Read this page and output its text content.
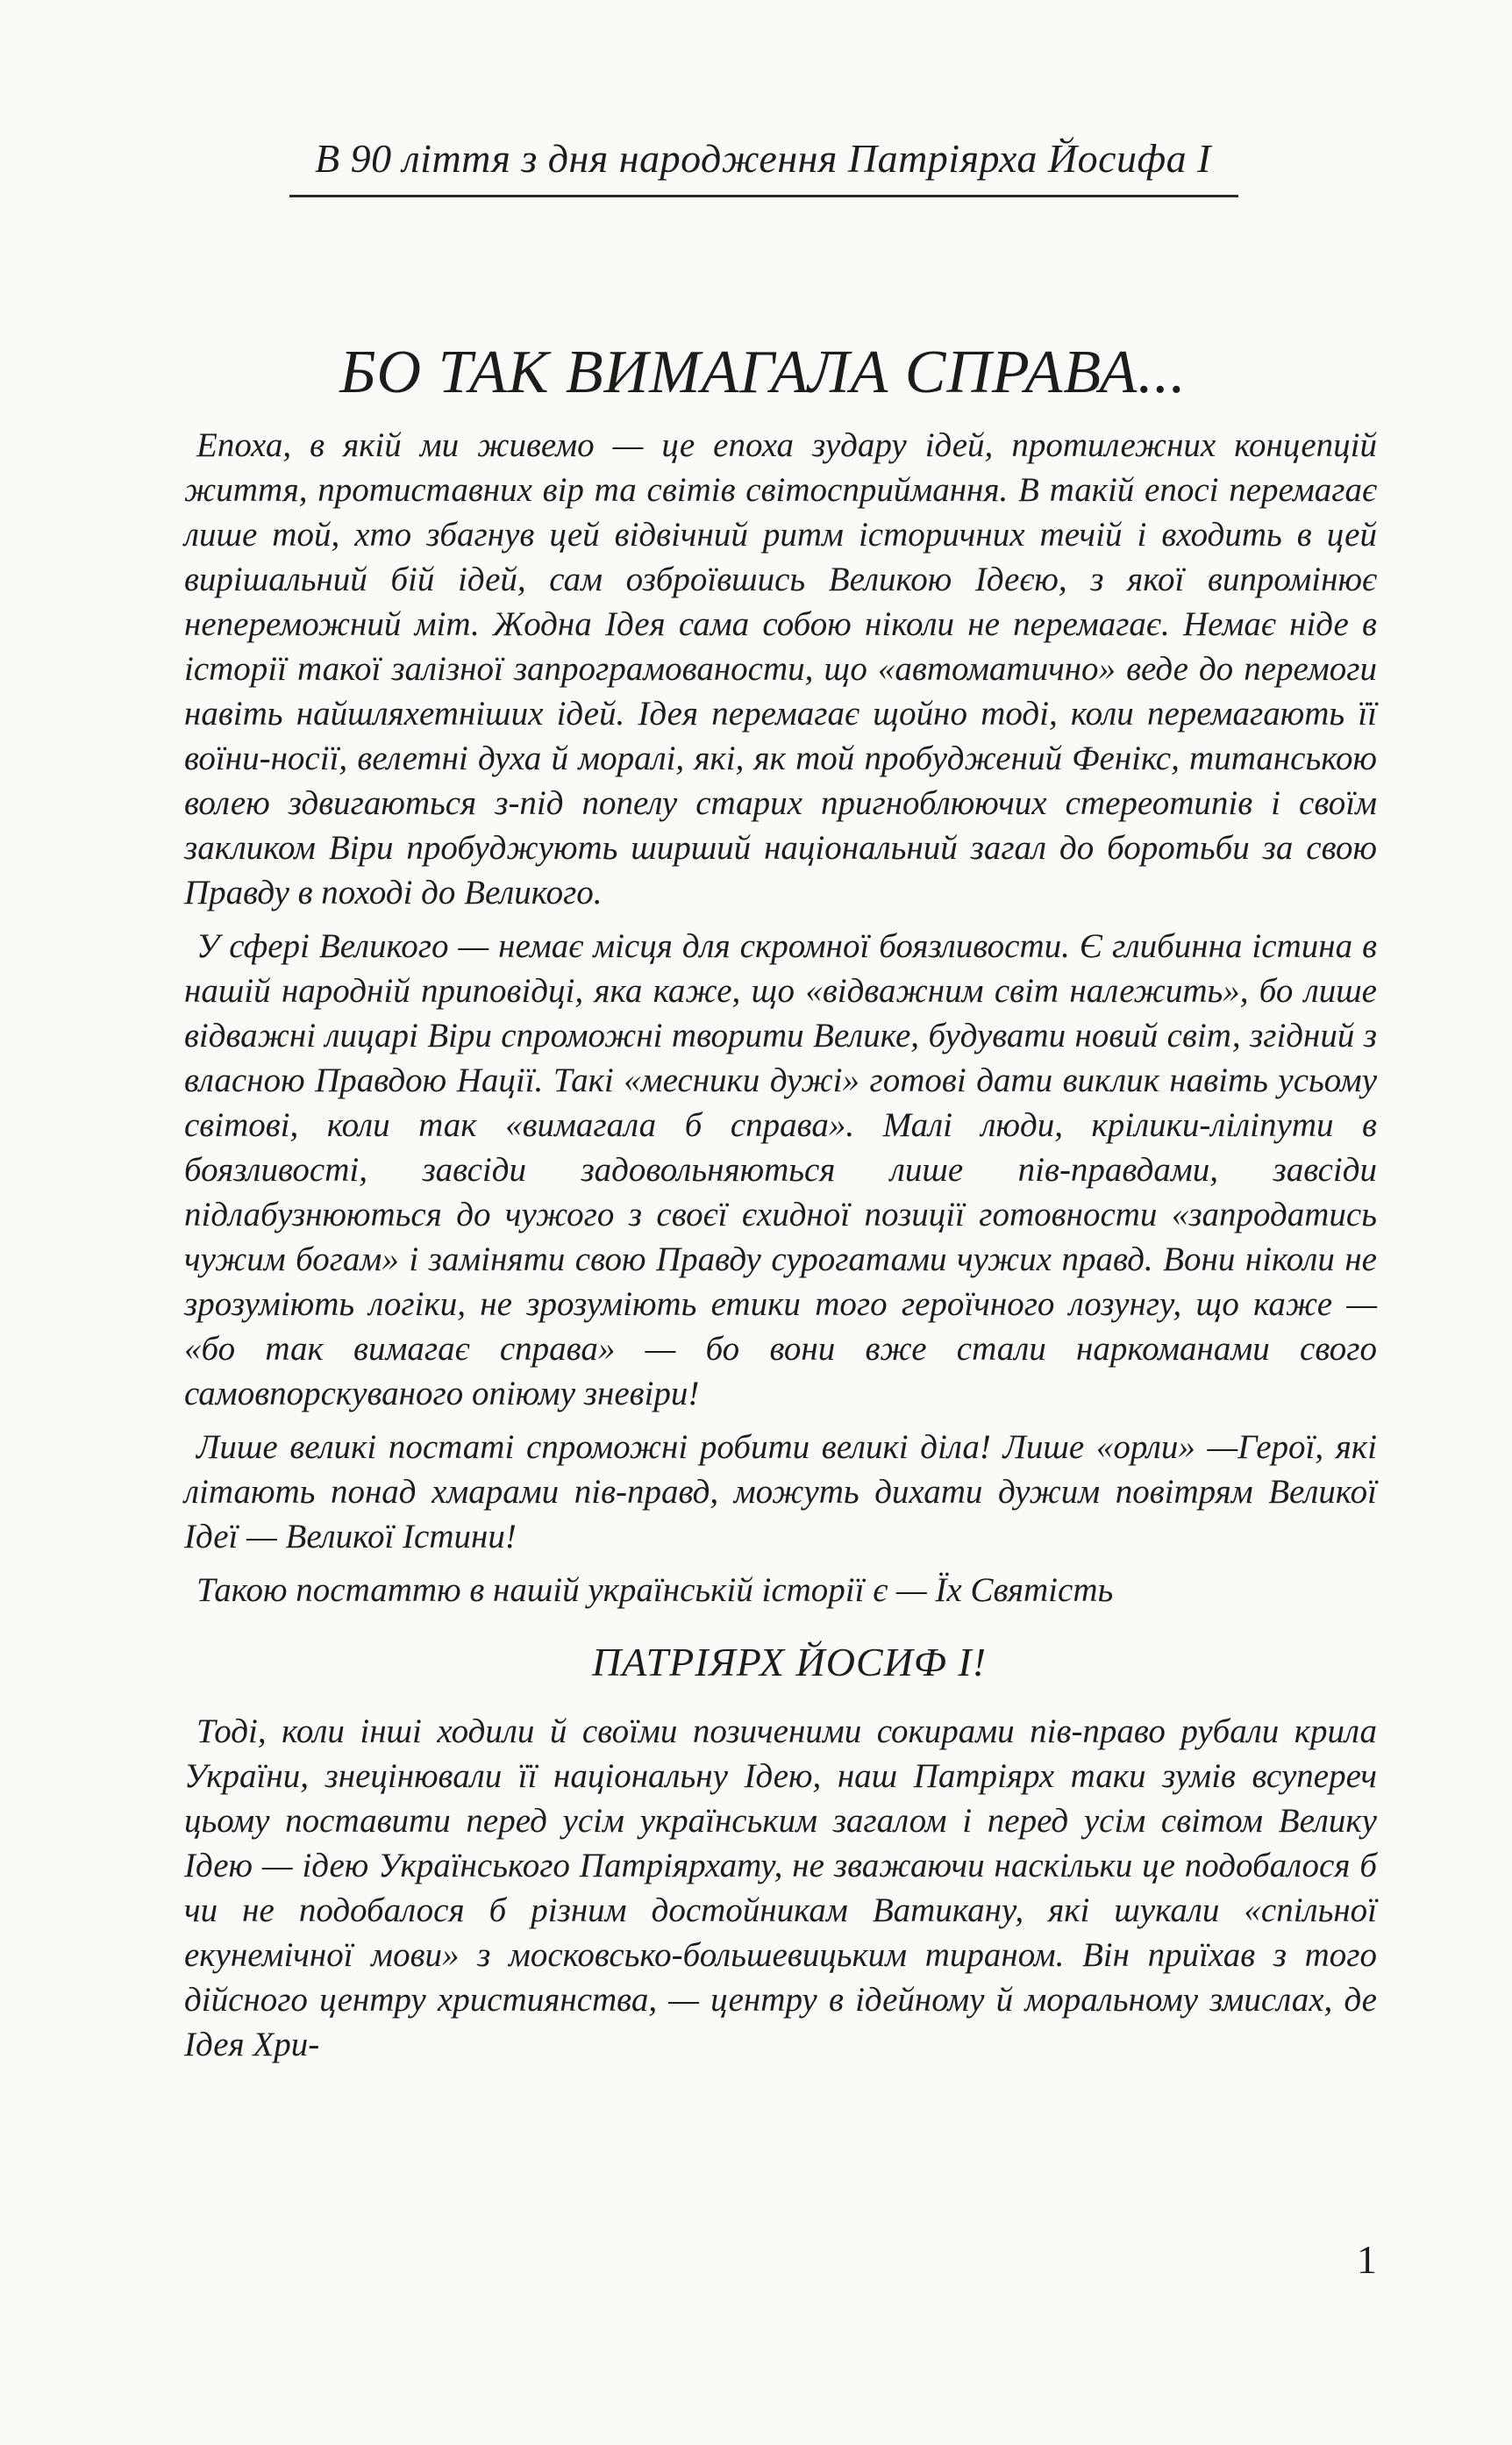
В 90 ліття з дня народження Патріярха Йосифа І
БО ТАК ВИМАГАЛА СПРАВА...

Епоха, в якій ми живемо — це епоха зудару ідей, протилежних концепцій життя, протиставних вір та світів світосприймання. В такій епосі перемагає лише той, хто збагнув цей відвічний ритм історичних течій і входить в цей вирішальний бій ідей, сам озброївшись Великою Ідеєю, з якої випромінює непереможний міт. Жодна Ідея сама собою ніколи не перемагає. Немає ніде в історії такої залізної запрограмованости, що «автоматично» веде до перемоги навіть найшляхетніших ідей. Ідея перемагає щойно тоді, коли перемагають її воїни-носії, велетні духа й моралі, які, як той пробуджений Фенікс, титанською волею здвигаються з-під попелу старих пригноблюючих стереотипів і своїм закликом Віри пробуджують ширший національний загал до боротьби за свою Правду в поході до Великого.

У сфері Великого — немає місця для скромної боязливости. Є глибинна істина в нашій народній приповідці, яка каже, що «відважним світ належить», бо лише відважні лицарі Віри спроможні творити Велике, будувати новий світ, згідний з власною Правдою Нації. Такі «месники дужі» готові дати виклик навіть усьому світові, коли так «вимагала б справа». Малі люди, крілики-ліліпути в боязливості, завсіди задовольняються лише пів-правдами, завсіди підлабузнюються до чужого з своєї єхидної позиції готовности «запродатись чужим богам» і заміняти свою Правду сурогатами чужих правд. Вони ніколи не зрозуміють логіки, не зрозуміють етики того героїчного лозунгу, що каже — «бо так вимагає справа» — бо вони вже стали наркоманами свого самовпорскуваного опіюму зневіри!

Лише великі постаті спроможні робити великі діла! Лише «орли» —Герої, які літають понад хмарами пів-правд, можуть дихати дужим повітрям Великої Ідеї — Великої Істини!

Такою постаттю в нашій українській історії є — Їх Святість

ПАТРІЯРХ ЙОСИФ І!

Тоді, коли інші ходили й своїми позиченими сокирами пів-право рубали крила України, знецінювали її національну Ідею, наш Патріярх таки зумів всупереч цьому поставити перед усім українським загалом і перед усім світом Велику Ідею — ідею Українського Патріярхату, не зважаючи наскільки це подобалося б чи не подобалося б різним достойникам Ватикану, які шукали «спільної екунемічної мови» з московсько-большевицьким тираном. Він приїхав з того дійсного центру християнства, — центру в ідейному й моральному змислах, де Ідея Хри-

1
